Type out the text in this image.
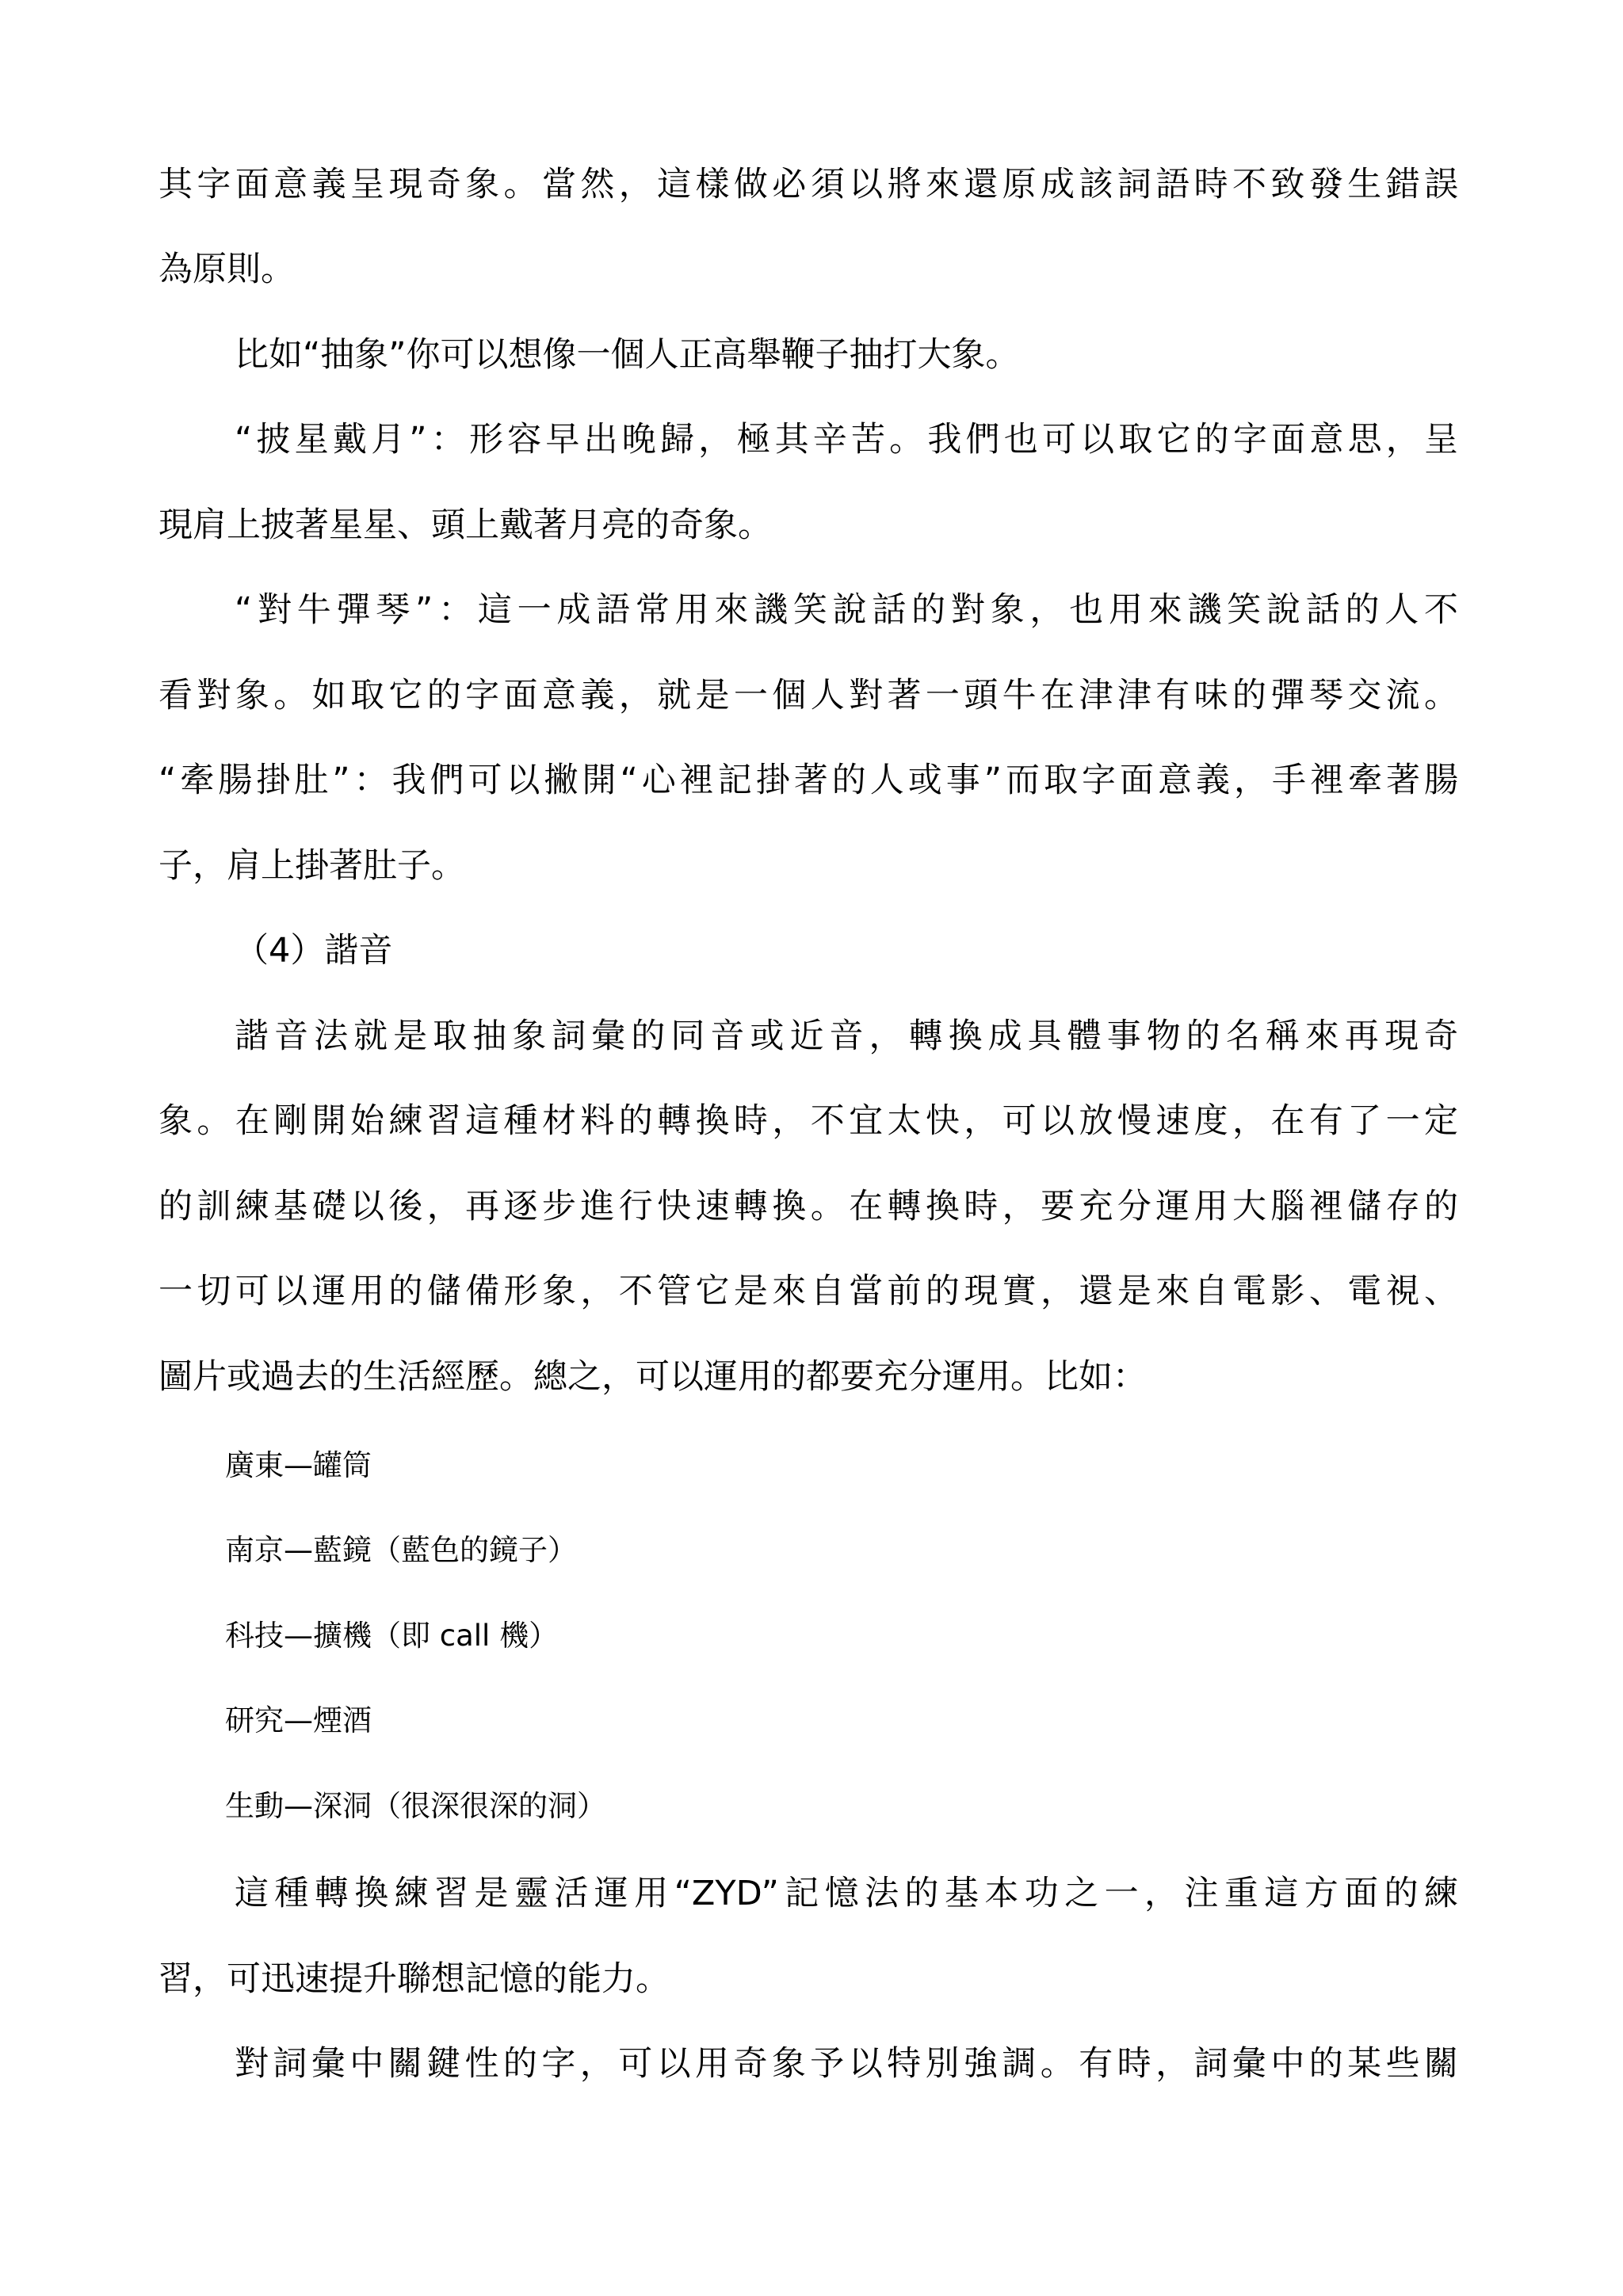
其字面意義呈現奇象。當然，這樣做必須以將來還原成該詞語時不致發生錯誤
為原則。
比如“抽象”你可以想像一個人正高舉鞭子抽打大象。
“披星戴月”：形容早出晚歸，極其辛苦。我們也可以取它的字面意思，呈
現肩上披著星星、頭上戴著月亮的奇象。
“對牛彈琴”：這一成語常用來譏笑說話的對象，也用來譏笑說話的人不
看對象。如取它的字面意義，就是一個人對著一頭牛在津津有味的彈琴交流。
“牽腸掛肚”：我們可以撇開“心裡記掛著的人或事”而取字面意義，手裡牽著腸
子，肩上掛著肚子。
（4）諧音
諧音法就是取抽象詞彙的同音或近音，轉換成具體事物的名稱來再現奇
象。在剛開始練習這種材料的轉換時，不宜太快，可以放慢速度，在有了一定
的訓練基礎以後，再逐步進行快速轉換。在轉換時，要充分運用大腦裡儲存的
一切可以運用的儲備形象，不管它是來自當前的現實，還是來自電影、電視、
圖片或過去的生活經歷。總之，可以運用的都要充分運用。比如：
廣東—罐筒
南京—藍鏡（藍色的鏡子）
科技—擴機（即 call 機）
研究—煙酒
生動—深洞（很深很深的洞）
這種轉換練習是靈活運用“ZYD”記憶法的基本功之一，注重這方面的練
習，可迅速提升聯想記憶的能力。
對詞彙中關鍵性的字，可以用奇象予以特別強調。有時，詞彙中的某些關
